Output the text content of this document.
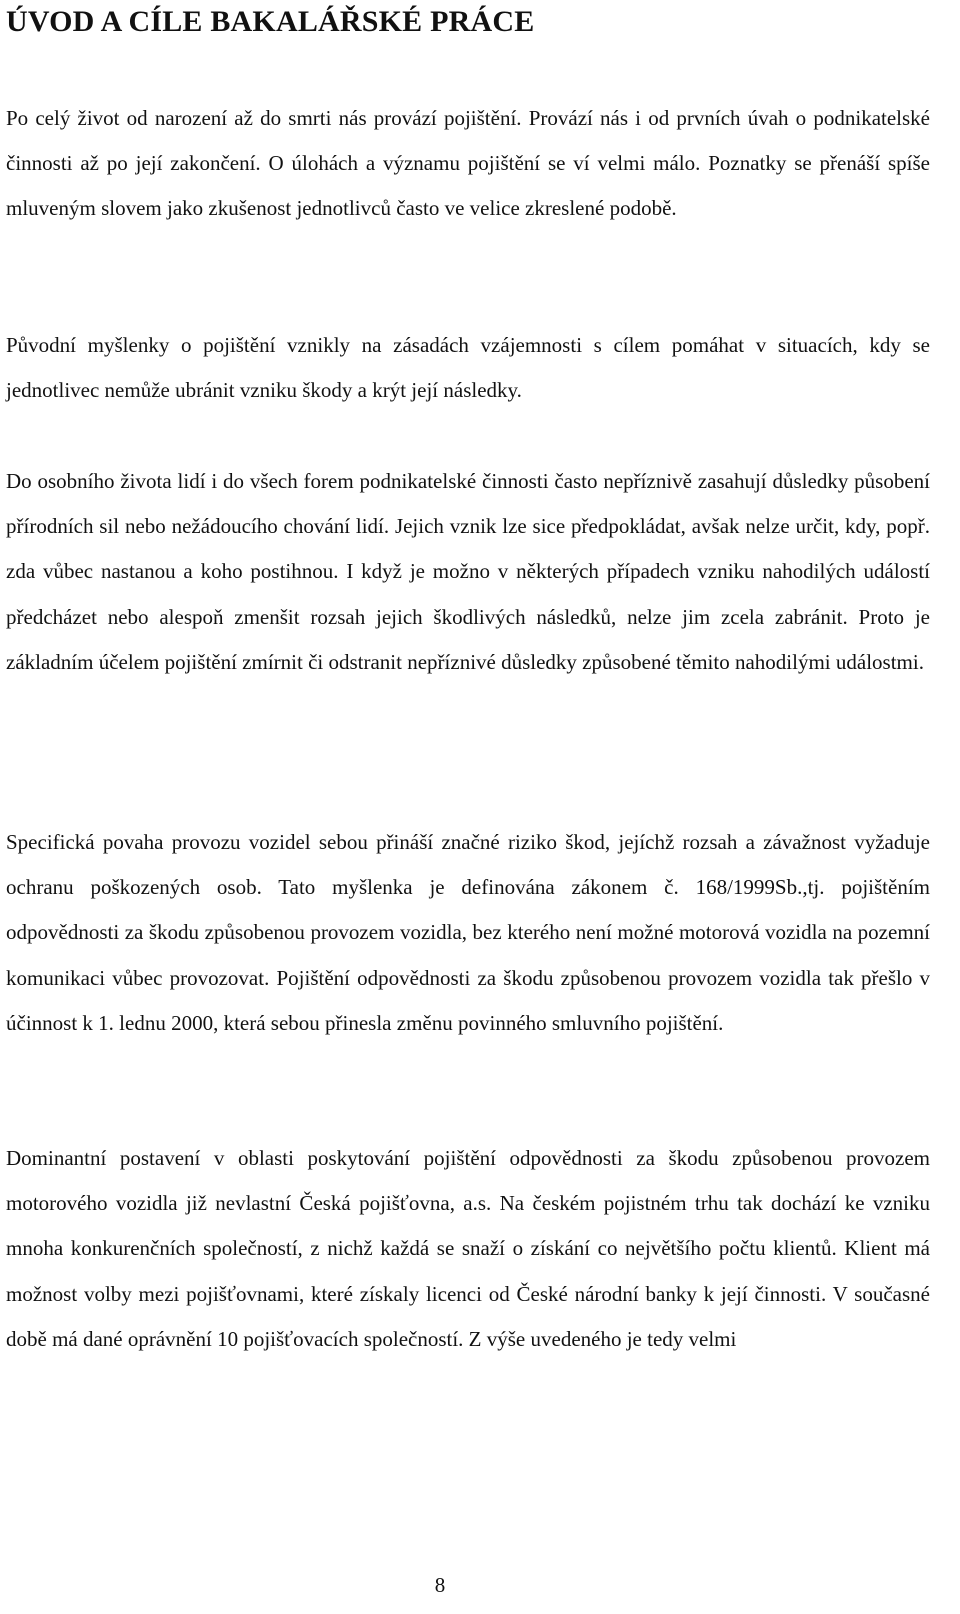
ÚVOD A CÍLE BAKALÁŘSKÉ PRÁCE

Po celý život od narození až do smrti nás provází pojištění. Provází nás i od prvních úvah o podnikatelské činnosti až po její zakončení. O úlohách a významu pojištění se ví velmi málo. Poznatky se přenáší spíše mluveným slovem jako zkušenost jednotlivců často ve velice zkreslené podobě.

Původní myšlenky o pojištění vznikly na zásadách vzájemnosti s cílem pomáhat v situacích, kdy se jednotlivec nemůže ubránit vzniku škody a krýt její následky.

Do osobního života lidí i do všech forem podnikatelské činnosti často nepříznivě zasahují důsledky působení přírodních sil nebo nežádoucího chování lidí. Jejich vznik lze sice předpokládat, avšak nelze určit, kdy, popř. zda vůbec nastanou a koho postihnou. I když je možno v některých případech vzniku nahodilých událostí předcházet nebo alespoň zmenšit rozsah jejich škodlivých následků, nelze jim zcela zabránit. Proto je základním účelem pojištění zmírnit či odstranit nepříznivé důsledky způsobené těmito nahodilými událostmi.

Specifická povaha provozu vozidel sebou přináší značné riziko škod, jejíchž rozsah a závažnost vyžaduje ochranu poškozených osob. Tato myšlenka je definována zákonem č. 168/1999Sb.,tj. pojištěním odpovědnosti za škodu způsobenou provozem vozidla, bez kterého není možné motorová vozidla na pozemní komunikaci vůbec provozovat. Pojištění odpovědnosti za škodu způsobenou provozem vozidla tak přešlo v účinnost k 1. lednu 2000, která sebou přinesla změnu povinného smluvního pojištění.

Dominantní postavení v oblasti poskytování pojištění odpovědnosti za škodu způsobenou provozem motorového vozidla již nevlastní Česká pojišťovna, a.s. Na českém pojistném trhu tak dochází ke vzniku mnoha konkurenčních společností, z nichž každá se snaží o získání co největšího počtu klientů. Klient má možnost volby mezi pojišťovnami, které získaly licenci od České národní banky k její činnosti. V současné době má dané oprávnění 10 pojišťovacích společností. Z výše uvedeného je tedy velmi

8
